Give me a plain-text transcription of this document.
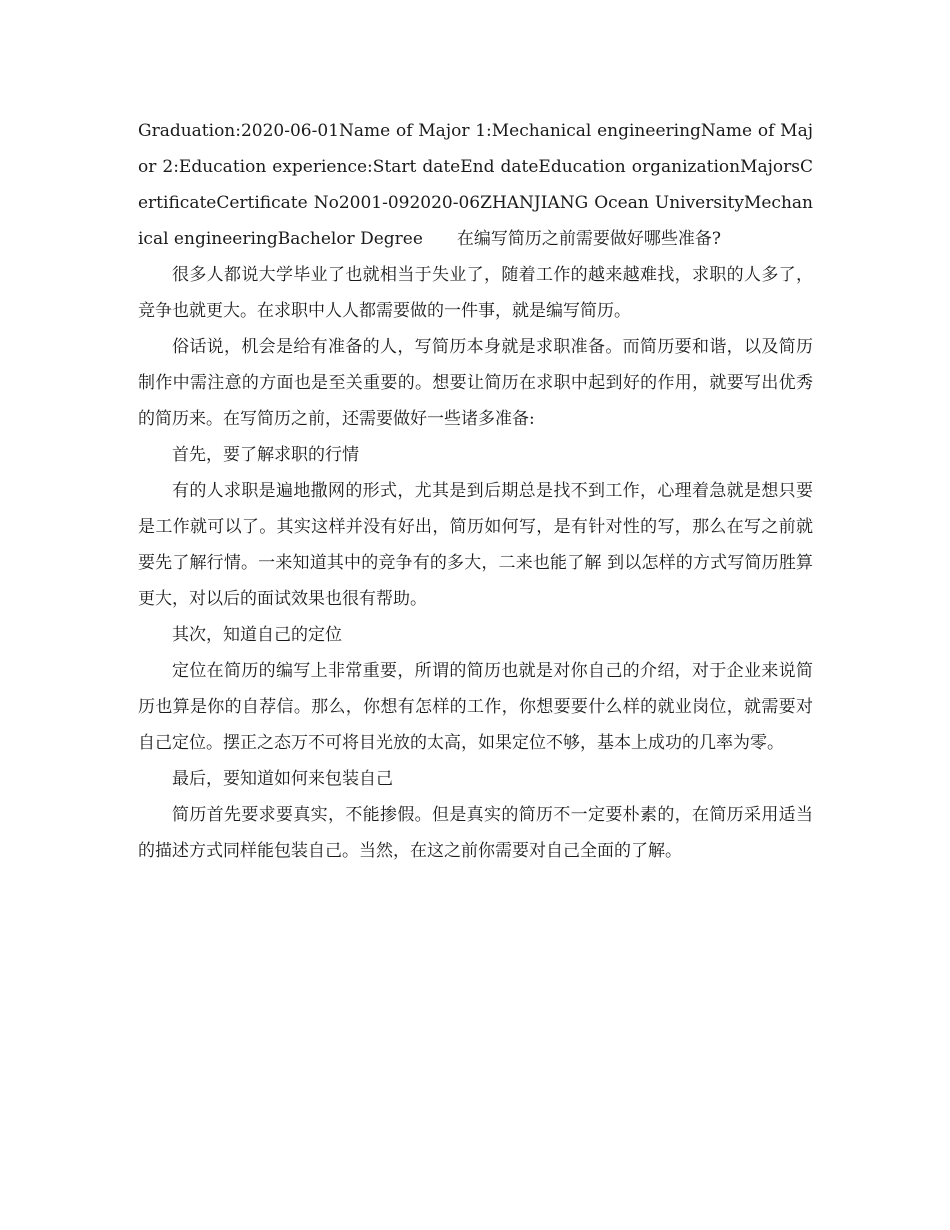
Graduation:2020-06-01Name of Major 1:Mechanical engineeringName of Major 2:Education experience:Start dateEnd dateEducation organizationMajorsCertificateCertificate No2001-092020-06ZHANJIANG Ocean UniversityMechanical engineeringBachelor Degree　　在编写简历之前需要做好哪些准备?

很多人都说大学毕业了也就相当于失业了，随着工作的越来越难找，求职的人多了，竞争也就更大。在求职中人人都需要做的一件事，就是编写简历。

俗话说，机会是给有准备的人，写简历本身就是求职准备。而简历要和谐，以及简历制作中需注意的方面也是至关重要的。想要让简历在求职中起到好的作用，就要写出优秀的简历来。在写简历之前，还需要做好一些诸多准备:

首先，要了解求职的行情

有的人求职是遍地撒网的形式，尤其是到后期总是找不到工作，心理着急就是想只要是工作就可以了。其实这样并没有好出，简历如何写，是有针对性的写，那么在写之前就要先了解行情。一来知道其中的竞争有的多大，二来也能了解 到以怎样的方式写简历胜算更大，对以后的面试效果也很有帮助。

其次，知道自己的定位

定位在简历的编写上非常重要，所谓的简历也就是对你自己的介绍，对于企业来说简历也算是你的自荐信。那么，你想有怎样的工作，你想要要什么样的就业岗位，就需要对自己定位。摆正之态万不可将目光放的太高，如果定位不够，基本上成功的几率为零。

最后，要知道如何来包装自己

简历首先要求要真实，不能掺假。但是真实的简历不一定要朴素的，在简历采用适当的描述方式同样能包装自己。当然，在这之前你需要对自己全面的了解。
